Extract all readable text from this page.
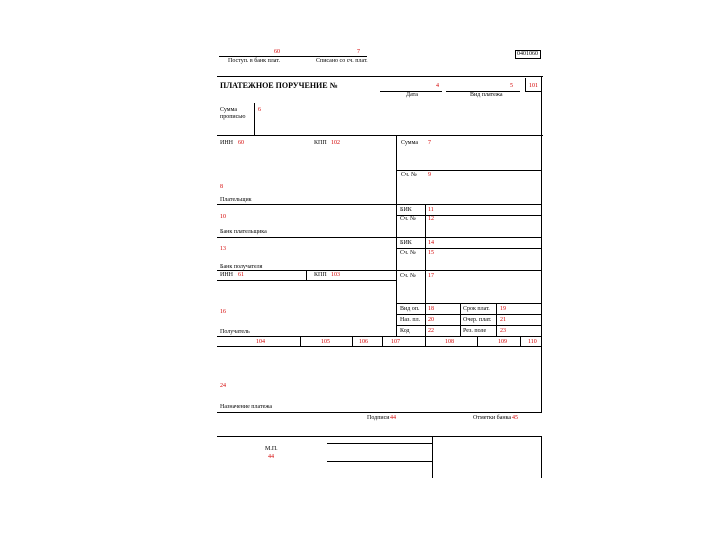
60	7	0401060
Поступ. в банк плат.	Списано со сч. плат.
ПЛАТЕЖНОЕ ПОРУЧЕНИЕ №	4	5	101
Дата	Вид платежа
Сумма
прописью
6
ИНН 60	КПП 102	Сумма 7
Сч. № 9
8
Плательщик
БИК	11
Сч. № 12
10
Банк плательщика
БИК	14
Сч. № 15
13
Банк получателя
ИНН 61	КПП 103	Сч. № 17
16	Вид оп. 18	Срок плат. 19
Наз. пл. 20	Очер. плат. 21
Код	22	Рез. поле 23
Получатель
104	105	106	107	108	109	110
24
Назначение платежа
Подписи 44	Отметки банка 45
М.П.
44
